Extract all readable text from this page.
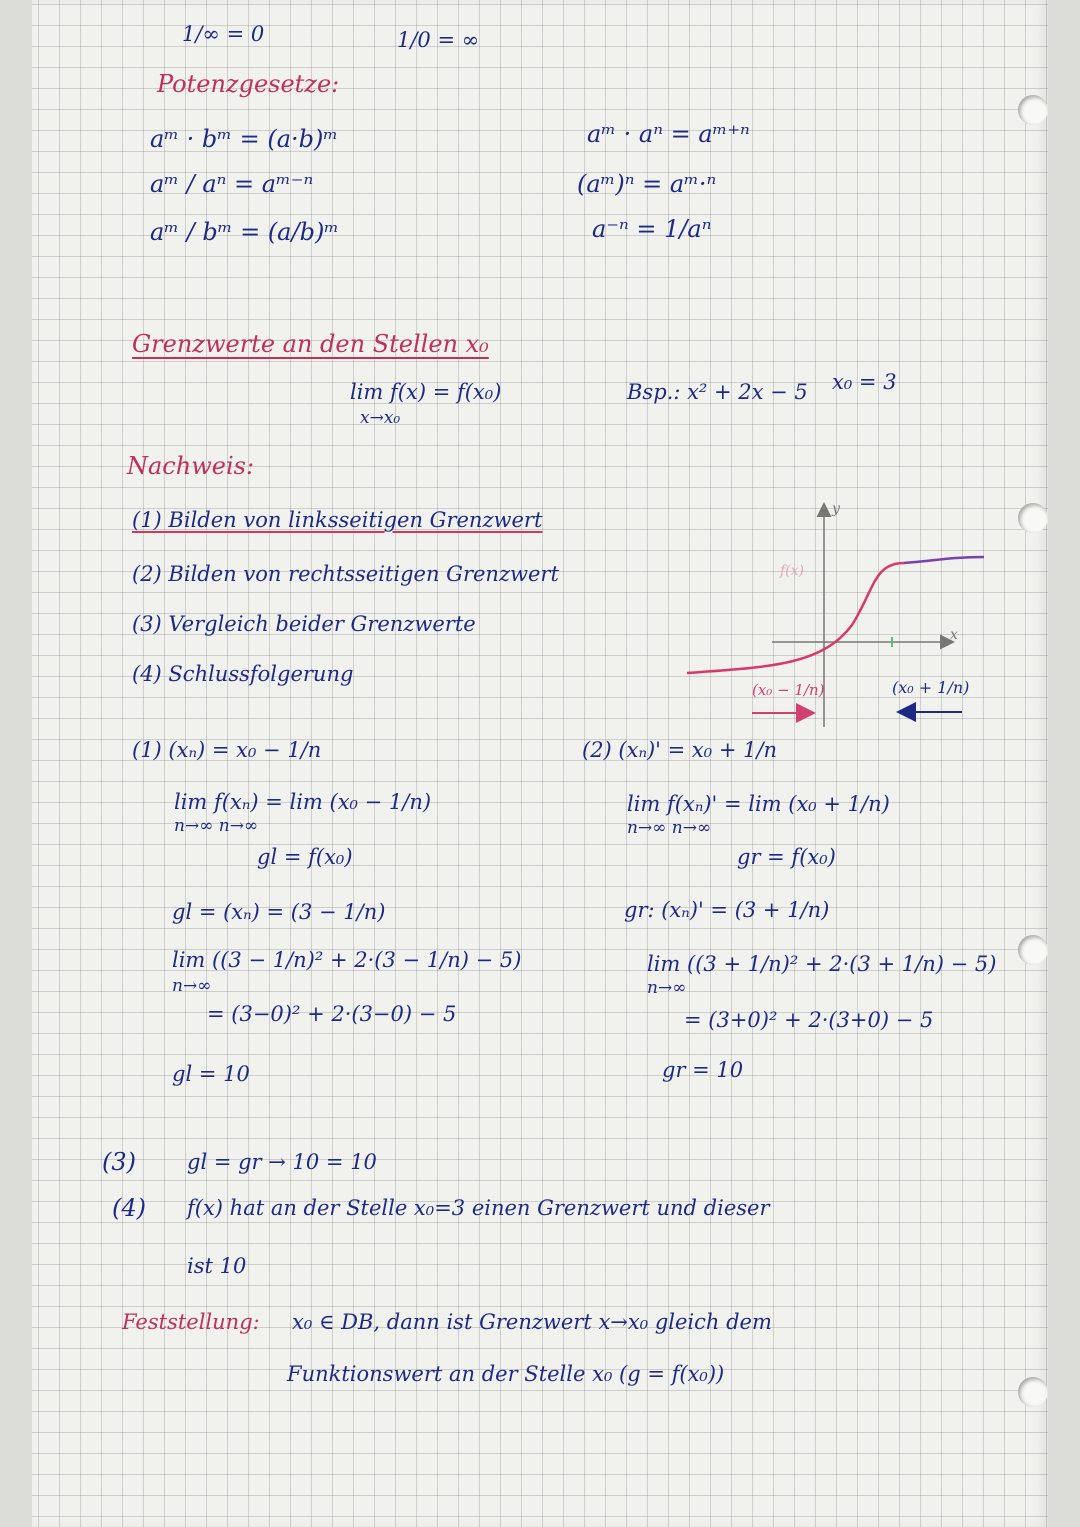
1/∞ = 0	1/0 = ∞
Potenzgesetze:
aᵐ · bᵐ = (a·b)ᵐ
aᵐ / aⁿ = aᵐ⁻ⁿ
aᵐ / bᵐ = (a/b)ᵐ
aᵐ · aⁿ = aᵐ⁺ⁿ
(aᵐ)ⁿ = aᵐ·ⁿ
a⁻ⁿ = 1/aⁿ
Grenzwerte an den Stellen x₀
lim f(x) = f(x₀)
x→x₀
Bsp.: x² + 2x − 5 x₀ = 3
Nachweis:
(1) Bilden von linksseitigen Grenzwert
(2) Bilden von rechtsseitigen Grenzwert
(3) Vergleich beider Grenzwerte
(4) Schlussfolgerung
y
x
f(x)
(x₀ − 1/n)	(x₀ + 1/n)
(1) (xₙ) = x₀ − 1/n
lim f(xₙ) = lim (x₀ − 1/n)
n→∞ n→∞
gl = f(x₀)
gl = (xₙ) = (3 − 1/n)
lim ((3 − 1/n)² + 2·(3 − 1/n) − 5)
n→∞
= (3−0)² + 2·(3−0) − 5
gl = 10
(2) (xₙ)' = x₀ + 1/n
lim f(xₙ)' = lim (x₀ + 1/n)
n→∞ n→∞
gr = f(x₀)
gr: (xₙ)' = (3 + 1/n)
lim ((3 + 1/n)² + 2·(3 + 1/n) − 5)
n→∞
= (3+0)² + 2·(3+0) − 5
gr = 10
(3) gl = gr → 10 = 10
(4) f(x) hat an der Stelle x₀=3 einen Grenzwert und dieser
ist 10
Feststellung: x₀ ∈ DB, dann ist Grenzwert x→x₀ gleich dem
Funktionswert an der Stelle x₀ (g = f(x₀))
